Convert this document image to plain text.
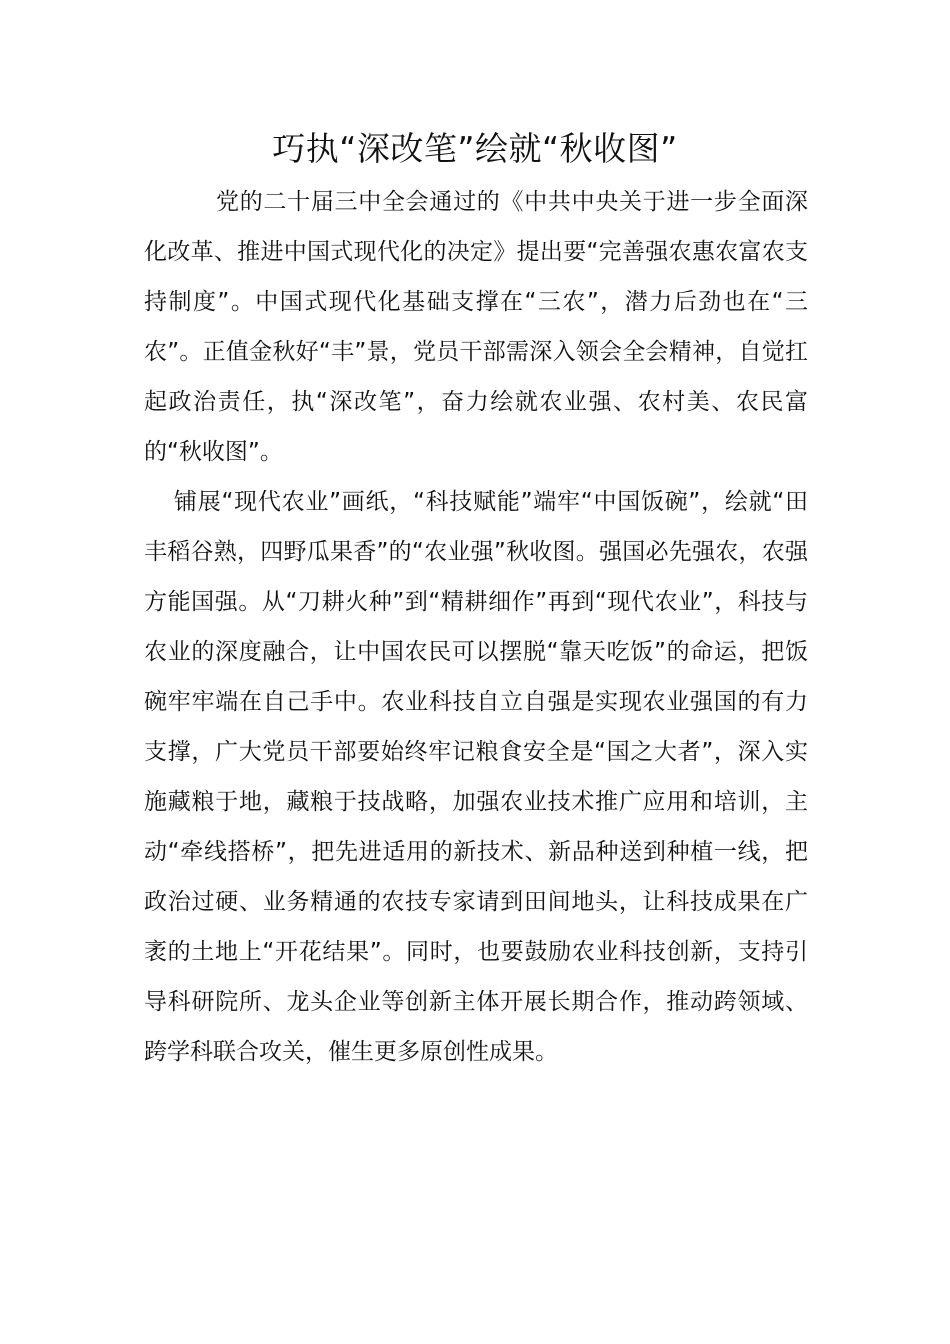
巧执“深改笔”绘就“秋收图”

党的二十届三中全会通过的《中共中央关于进一步全面深化改革、推进中国式现代化的决定》提出要“完善强农惠农富农支持制度”。中国式现代化基础支撑在“三农”，潜力后劲也在“三农”。正值金秋好“丰”景，党员干部需深入领会全会精神，自觉扛起政治责任，执“深改笔”，奋力绘就农业强、农村美、农民富的“秋收图”。

铺展“现代农业”画纸，“科技赋能”端牢“中国饭碗”，绘就“田丰稻谷熟，四野瓜果香”的“农业强”秋收图。强国必先强农，农强方能国强。从“刀耕火种”到“精耕细作”再到“现代农业”，科技与农业的深度融合，让中国农民可以摆脱“靠天吃饭”的命运，把饭碗牢牢端在自己手中。农业科技自立自强是实现农业强国的有力支撑，广大党员干部要始终牢记粮食安全是“国之大者”，深入实施藏粮于地，藏粮于技战略，加强农业技术推广应用和培训，主动“牵线搭桥”，把先进适用的新技术、新品种送到种植一线，把政治过硬、业务精通的农技专家请到田间地头，让科技成果在广袤的土地上“开花结果”。同时，也要鼓励农业科技创新，支持引导科研院所、龙头企业等创新主体开展长期合作，推动跨领域、跨学科联合攻关，催生更多原创性成果。
